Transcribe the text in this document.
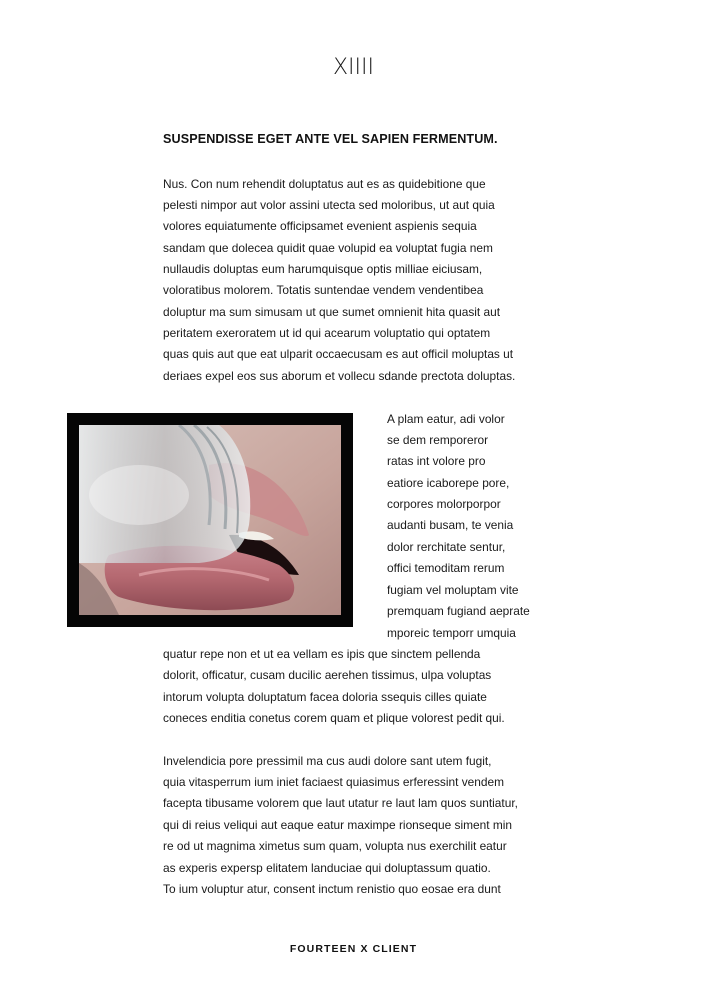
XIIII
SUSPENDISSE EGET ANTE VEL SAPIEN FERMENTUM.
Nus. Con num rehendit doluptatus aut es as quidebitione que
pelesti nimpor aut volor assini utecta sed moloribus, ut aut quia
volores equiatumente officipsamet evenient aspienis sequia
sandam que dolecea quidit quae volupid ea voluptat fugia nem
nullaudis doluptas eum harumquisque optis milliae eiciusam,
voloratibus molorem. Totatis suntendae vendem vendentibea
doluptur ma sum simusam ut que sumet omnienit hita quasit aut
peritatem exeroratem ut id qui acearum voluptatio qui optatem
quas quis aut que eat ulparit occaecusam es aut officil moluptas ut
deriaes expel eos sus aborum et vollecu sdande prectota doluptas.
A plam eatur, adi volor
se dem remporeror
ratas int volore pro
eatiore icaborepe pore,
corpores molorporpor
audanti busam, te venia
dolor rerchitate sentur,
offici temoditam rerum
fugiam vel moluptam vite
premquam fugiand aeprate
mporeic temporr umquia
quatur repe non et ut ea vellam es ipis que sinctem pellenda
dolorit, officatur, cusam ducilic aerehen tissimus, ulpa voluptas
intorum volupta doluptatum facea doloria ssequis cilles quiate
coneces enditia conetus corem quam et plique volorest pedit qui.
Invelendicia pore pressimil ma cus audi dolore sant utem fugit,
quia vitasperrum ium iniet faciaest quiasimus erferessint vendem
facepta tibusame volorem que laut utatur re laut lam quos suntiatur,
qui di reius veliqui aut eaque eatur maximpe rionseque siment min
re od ut magnima ximetus sum quam, volupta nus exerchilit eatur
as experis expersp elitatem landuciae qui doluptassum quatio.
To ium voluptur atur, consent inctum renistio quo eosae era dunt
FOURTEEN X CLIENT
